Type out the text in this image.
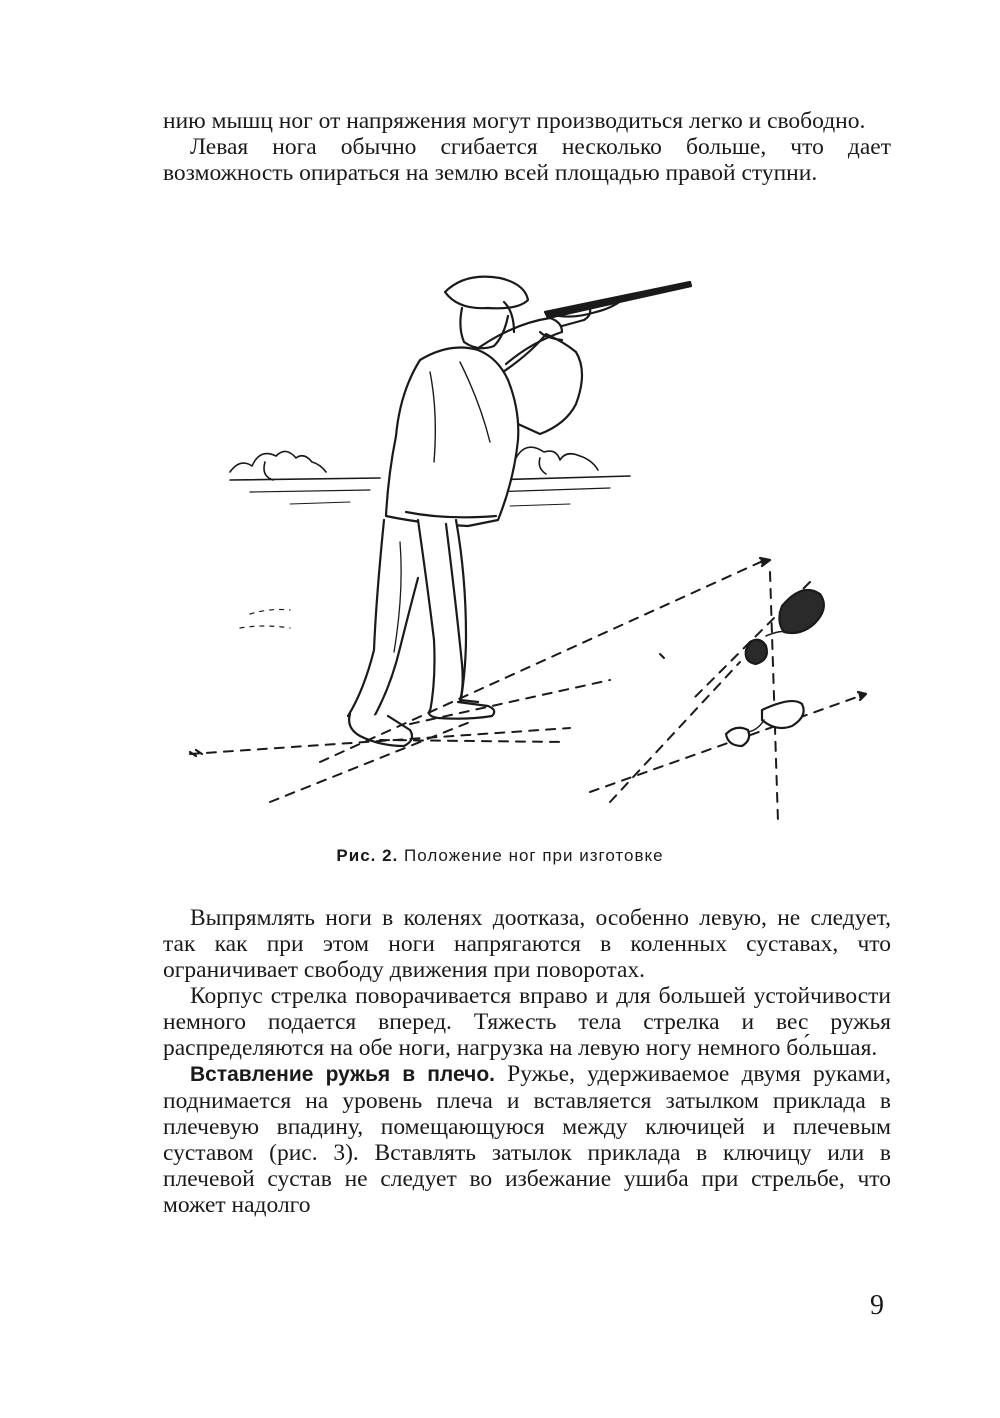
нию мышц ног от напряжения могут производиться легко и свободно.

Левая нога обычно сгибается несколько больше, что дает возможность опираться на землю всей площадью правой ступни.

Рис. 2. Положение ног при изготовке

Выпрямлять ноги в коленях доотказа, особенно левую, не следует, так как при этом ноги напрягаются в коленных суставах, что ограничивает свободу движения при поворотах.

Корпус стрелка поворачивается вправо и для большей устойчивости немного подается вперед. Тяжесть тела стрелка и вес ружья распределяются на обе ноги, нагрузка на левую ногу немного бо́льшая.

Вставление ружья в плечо. Ружье, удерживаемое двумя руками, поднимается на уровень плеча и вставляется затылком приклада в плечевую впадину, помещающуюся между ключицей и плечевым суставом (рис. 3). Вставлять затылок приклада в ключицу или в плечевой сустав не следует во избежание ушиба при стрельбе, что может надолго

9
